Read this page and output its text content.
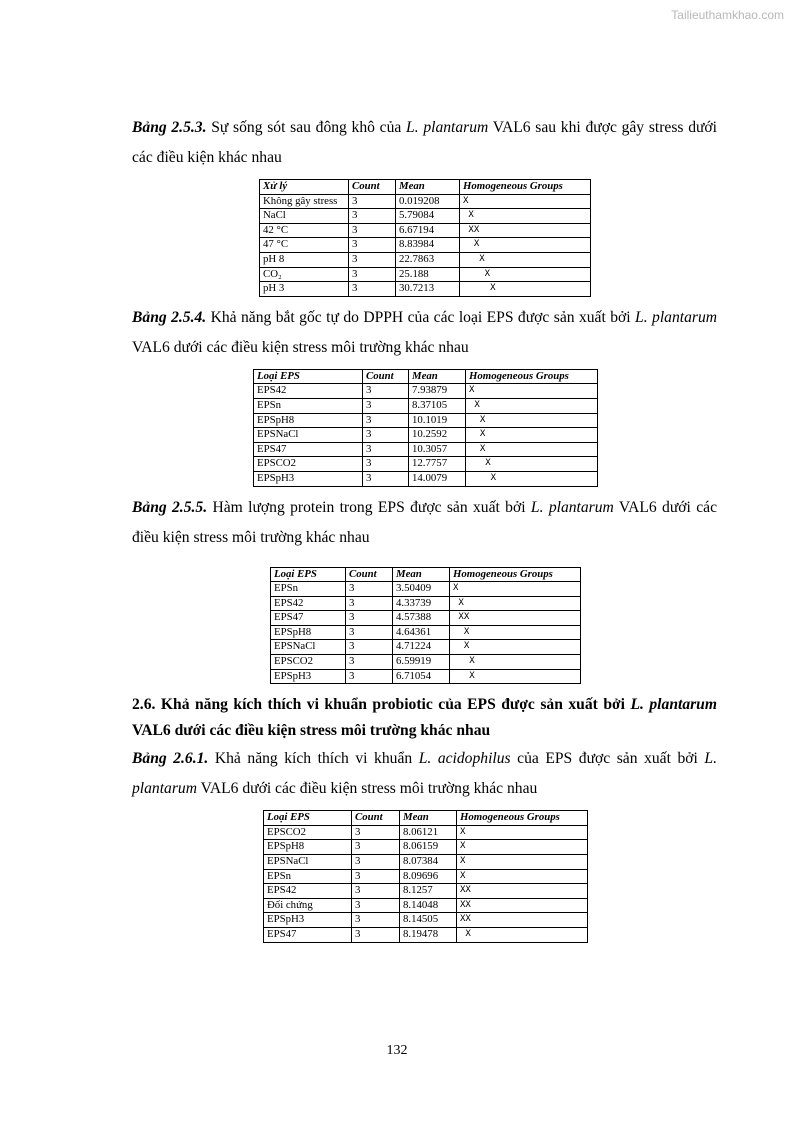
Tailieuthamkhao.com

Bảng 2.5.3. Sự sống sót sau đông khô của L. plantarum VAL6 sau khi được gây stress dưới các điều kiện khác nhau

Xử lý	Count	Mean	Homogeneous Groups
Không gây stress	3	0.019208	X
NaCl	3	5.79084	X
42 °C	3	6.67194	XX
47 °C	3	8.83984	X
pH 8	3	22.7863	X
CO₂	3	25.188	X
pH 3	3	30.7213	X

Bảng 2.5.4. Khả năng bắt gốc tự do DPPH của các loại EPS được sản xuất bởi L. plantarum VAL6 dưới các điều kiện stress môi trường khác nhau

Loại EPS	Count	Mean	Homogeneous Groups
EPS42	3	7.93879	X
EPSn	3	8.37105	X
EPSpH8	3	10.1019	X
EPSNaCl	3	10.2592	X
EPS47	3	10.3057	X
EPSCO2	3	12.7757	X
EPSpH3	3	14.0079	X

Bảng 2.5.5. Hàm lượng protein trong EPS được sản xuất bởi L. plantarum VAL6 dưới các điều kiện stress môi trường khác nhau

Loại EPS	Count	Mean	Homogeneous Groups
EPSn	3	3.50409	X
EPS42	3	4.33739	X
EPS47	3	4.57388	XX
EPSpH8	3	4.64361	X
EPSNaCl	3	4.71224	X
EPSCO2	3	6.59919	X
EPSpH3	3	6.71054	X

2.6. Khả năng kích thích vi khuẩn probiotic của EPS được sản xuất bởi L. plantarum VAL6 dưới các điều kiện stress môi trường khác nhau

Bảng 2.6.1. Khả năng kích thích vi khuẩn L. acidophilus của EPS được sản xuất bởi L. plantarum VAL6 dưới các điều kiện stress môi trường khác nhau

Loại EPS	Count	Mean	Homogeneous Groups
EPSCO2	3	8.06121	X
EPSpH8	3	8.06159	X
EPSNaCl	3	8.07384	X
EPSn	3	8.09696	X
EPS42	3	8.1257	XX
Đối chứng	3	8.14048	XX
EPSpH3	3	8.14505	XX
EPS47	3	8.19478	X
132
